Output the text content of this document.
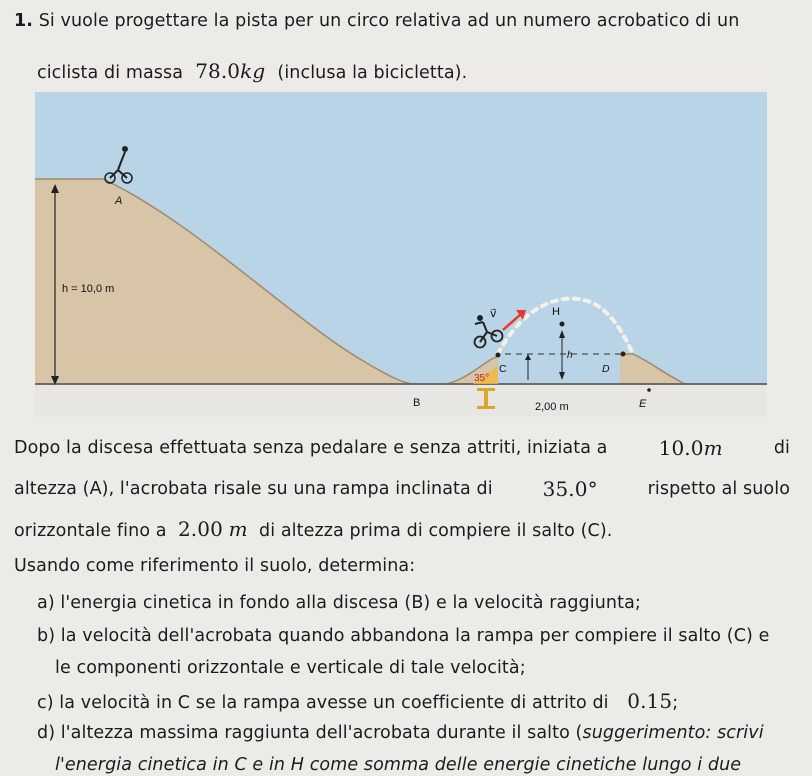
1. Si vuole progettare la pista per un circo relativa ad un numero acrobatico di un
ciclista di massa 78.0kg (inclusa la bicicletta).
h = 10,0 m
A
v⃗	H
h
C	D
35°
B	2,00 m	E
Dopo la discesa effettuata senza pedalare e senza attriti, iniziata a	10.0m	di
altezza (A), l'acrobata risale su una rampa inclinata di 35.0°	rispetto al suolo
orizzontale fino a 2.00 m di altezza prima di compiere il salto (C).
Usando come riferimento il suolo, determina:
a) l'energia cinetica in fondo alla discesa (B) e la velocità raggiunta;
b) la velocità dell'acrobata quando abbandona la rampa per compiere il salto (C) e
le componenti orizzontale e verticale di tale velocità;
c) la velocità in C se la rampa avesse un coefficiente di attrito di 0.15;
d) l'altezza massima raggiunta dell'acrobata durante il salto (suggerimento: scrivi
l'energia cinetica in C e in H come somma delle energie cinetiche lungo i due
